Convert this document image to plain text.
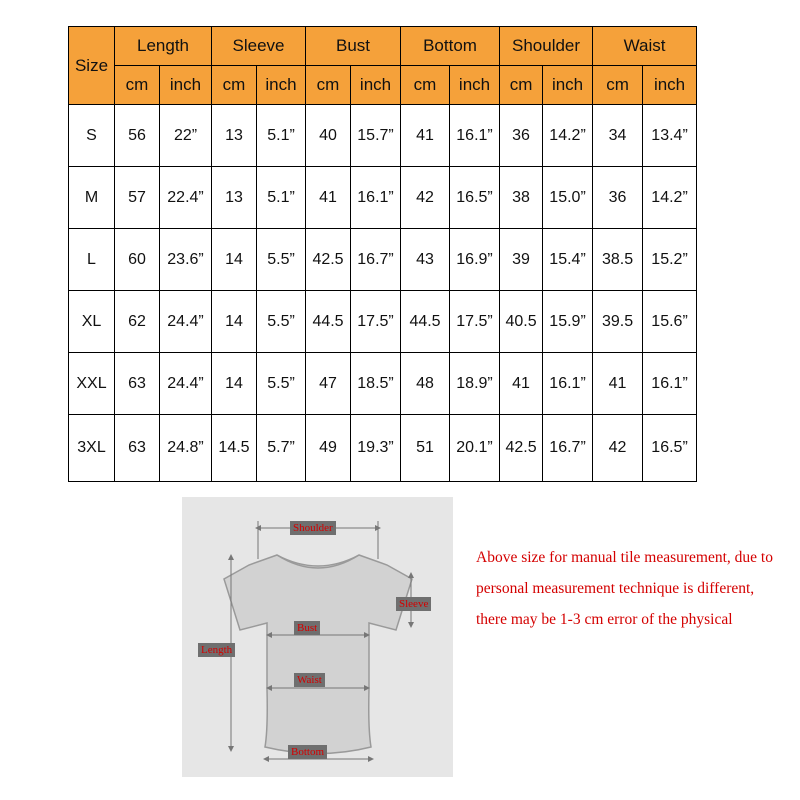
Size	Length		Sleeve		Bust		Bottom		Shoulder		Waist	
	cm	inch	cm	inch	cm	inch	cm	inch	cm	inch	cm	inch
S	56	22”	13	5.1”	40	15.7”	41	16.1”	36	14.2”	34	13.4”
M	57	22.4”	13	5.1”	41	16.1”	42	16.5”	38	15.0”	36	14.2”
L	60	23.6”	14	5.5”	42.5	16.7”	43	16.9”	39	15.4”	38.5	15.2”
XL	62	24.4”	14	5.5”	44.5	17.5”	44.5	17.5”	40.5	15.9”	39.5	15.6”
XXL	63	24.4”	14	5.5”	47	18.5”	48	18.9”	41	16.1”	41	16.1”
3XL	63	24.8”	14.5	5.7”	49	19.3”	51	20.1”	42.5	16.7”	42	16.5”
Shoulder
Sleeve
Bust
Length
Waist
Bottom
Above size for manual tile measurement, due to personal measurement technique is different, there may be 1-3 cm error of the physical
